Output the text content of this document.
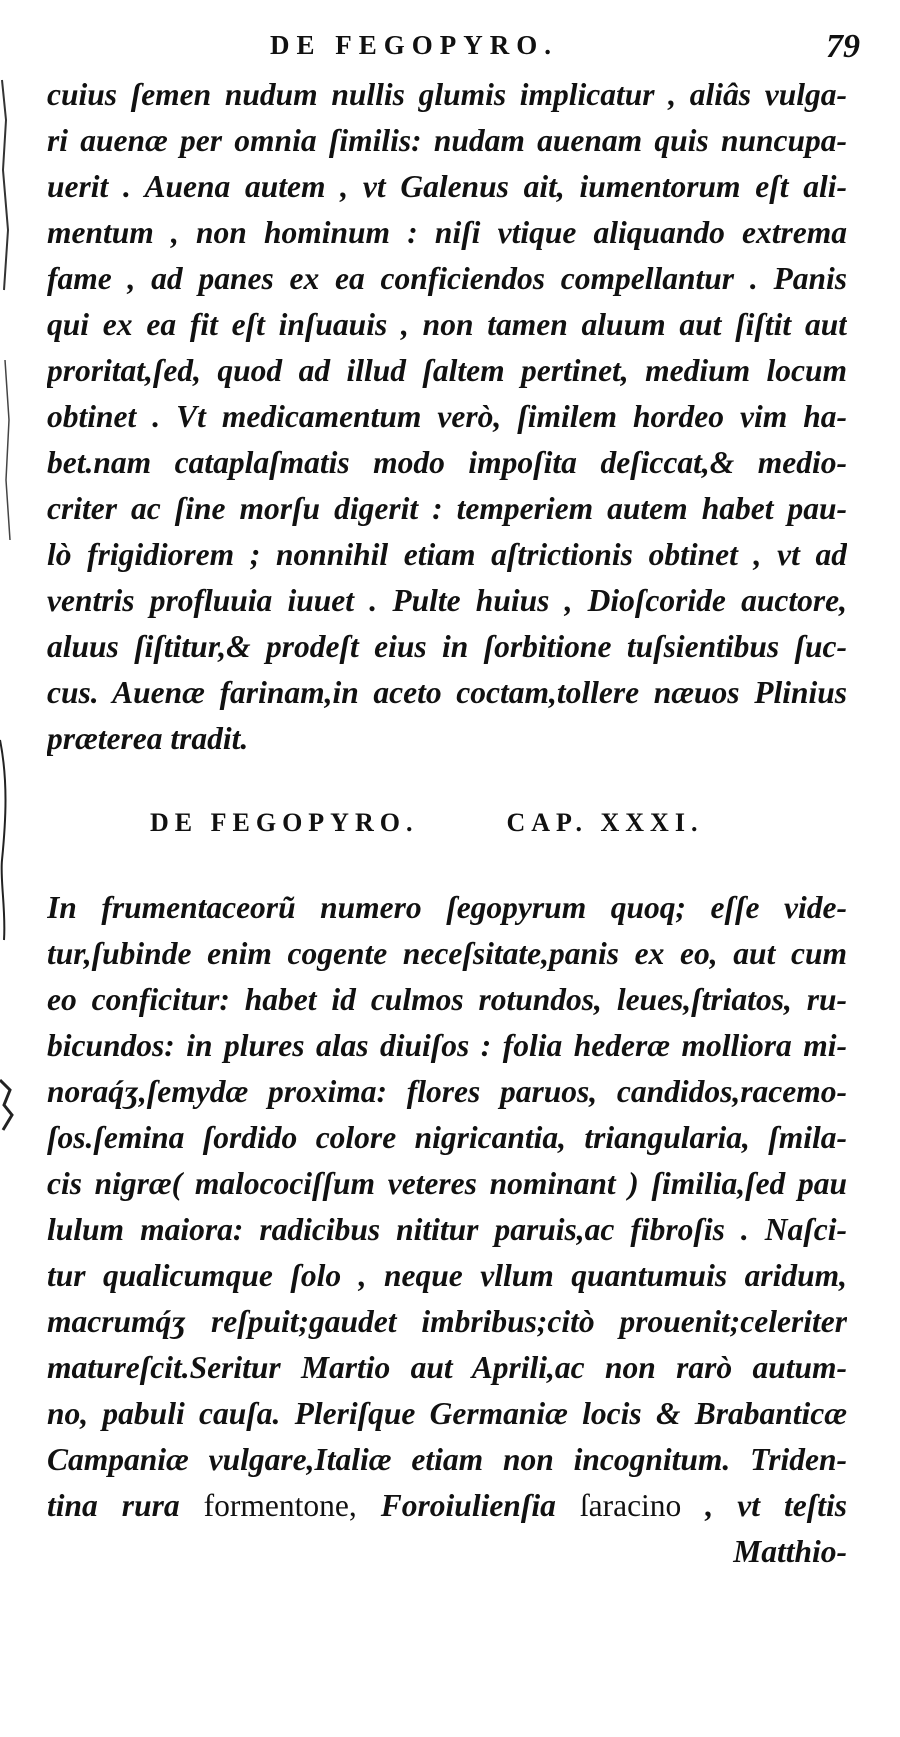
DE FEGOPYRO.	79
cuius ſemen nudum nullis glumis implicatur , aliâs vulga-
ri auenæ per omnia ſimilis: nudam auenam quis nuncupa-
uerit . Auena autem , vt Galenus ait, iumentorum eſt ali-
mentum , non hominum : niſi vtique aliquando extrema
fame , ad panes ex ea conficiendos compellantur . Panis
qui ex ea fit eſt inſuauis , non tamen aluum aut ſiſtit aut
proritat,ſed, quod ad illud ſaltem pertinet, medium locum
obtinet . Vt medicamentum verò, ſimilem hordeo vim ha-
bet.nam cataplaſmatis modo impoſita deſiccat,& medio-
criter ac ſine morſu digerit : temperiem autem habet pau-
lò frigidiorem ; nonnihil etiam aſtrictionis obtinet , vt ad
ventris profluuia iuuet . Pulte huius , Dioſcoride auctore,
aluus ſiſtitur,& prodeſt eius in ſorbitione tuſsientibus ſuc-
cus. Auenæ farinam,in aceto coctam,tollere næuos Plinius
præterea tradit.
DE FEGOPYRO.	CAP. XXXI.
In frumentaceorũ numero ſegopyrum quoq; eſſe vide-
tur,ſubinde enim cogente neceſsitate,panis ex eo, aut cum
eo conficitur: habet id culmos rotundos, leues,ſtriatos, ru-
bicundos: in plures alas diuiſos : folia hederæ molliora mi-
noraq́ʒ,ſemydæ proxima: flores paruos, candidos,racemo-
ſos.ſemina ſordido colore nigricantia, triangularia, ſmila-
cis nigræ( malocociſſum veteres nominant ) ſimilia,ſed pau
lulum maiora: radicibus nititur paruis,ac fibroſis . Naſci-
tur qualicumque ſolo , neque vllum quantumuis aridum,
macrumq́ʒ reſpuit;gaudet imbribus;citò prouenit;celeriter
matureſcit.Seritur Martio aut Aprili,ac non rarò autum-
no, pabuli cauſa. Pleriſque Germaniæ locis & Brabanticæ
Campaniæ vulgare,Italiæ etiam non incognitum. Triden-
tina rura formentone, Foroiulienſia ſaracino , vt teſtis
Matthio-
